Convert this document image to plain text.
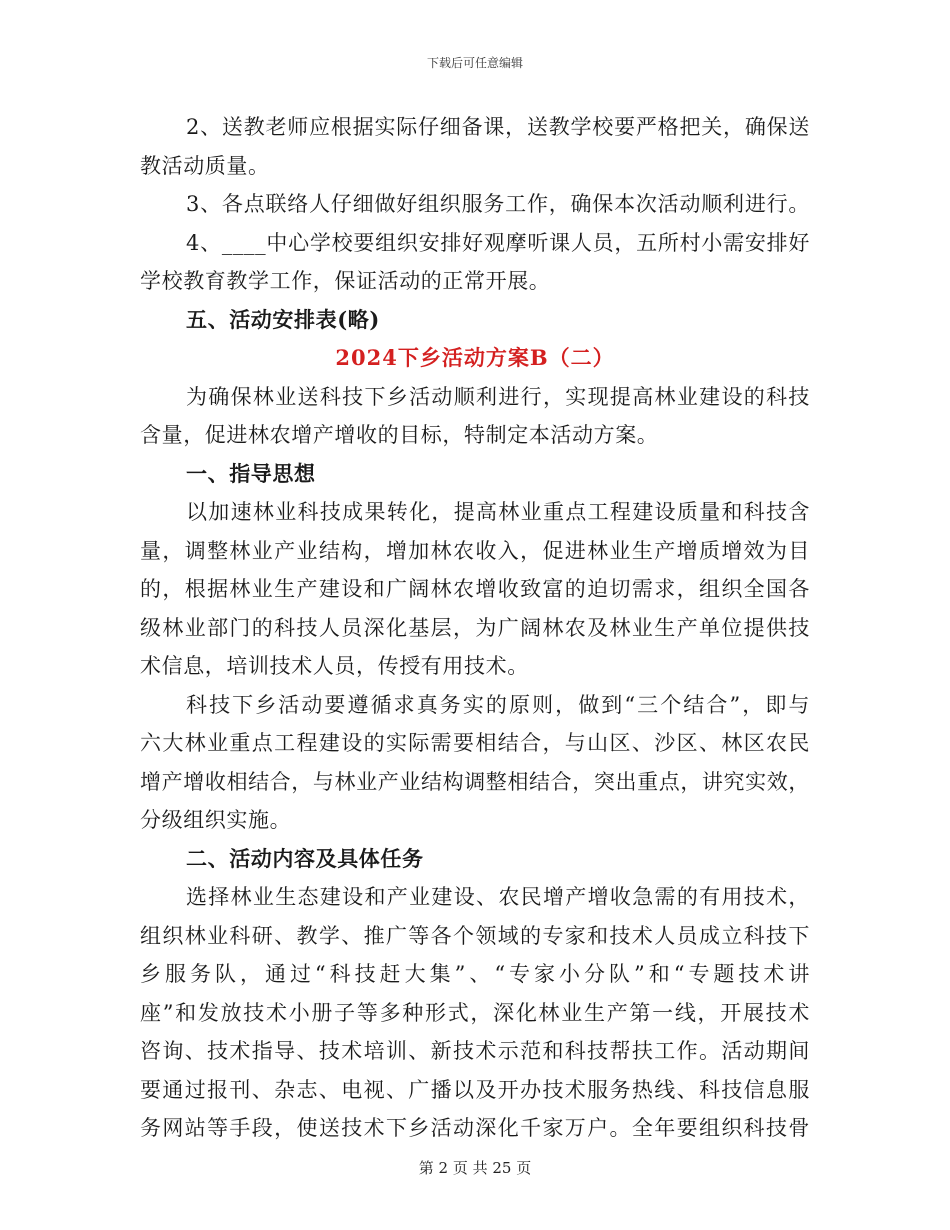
下载后可任意编辑
2、送教老师应根据实际仔细备课，送教学校要严格把关，确保送
教活动质量。
3、各点联络人仔细做好组织服务工作，确保本次活动顺利进行。
4、____中心学校要组织安排好观摩听课人员，五所村小需安排好
学校教育教学工作，保证活动的正常开展。
五、活动安排表(略)
2024下乡活动方案B（二）
为确保林业送科技下乡活动顺利进行，实现提高林业建设的科技
含量，促进林农增产增收的目标，特制定本活动方案。
一、指导思想
以加速林业科技成果转化，提高林业重点工程建设质量和科技含
量，调整林业产业结构，增加林农收入，促进林业生产增质增效为目
的，根据林业生产建设和广阔林农增收致富的迫切需求，组织全国各
级林业部门的科技人员深化基层，为广阔林农及林业生产单位提供技
术信息，培训技术人员，传授有用技术。
科技下乡活动要遵循求真务实的原则，做到“三个结合”，即与
六大林业重点工程建设的实际需要相结合，与山区、沙区、林区农民
增产增收相结合，与林业产业结构调整相结合，突出重点，讲究实效，
分级组织实施。
二、活动内容及具体任务
选择林业生态建设和产业建设、农民增产增收急需的有用技术，
组织林业科研、教学、推广等各个领域的专家和技术人员成立科技下
乡服务队，通过“科技赶大集”、“专家小分队”和“专题技术讲
座”和发放技术小册子等多种形式，深化林业生产第一线，开展技术
咨询、技术指导、技术培训、新技术示范和科技帮扶工作。活动期间
要通过报刊、杂志、电视、广播以及开办技术服务热线、科技信息服
务网站等手段，使送技术下乡活动深化千家万户。全年要组织科技骨
第 2 页 共 25 页
